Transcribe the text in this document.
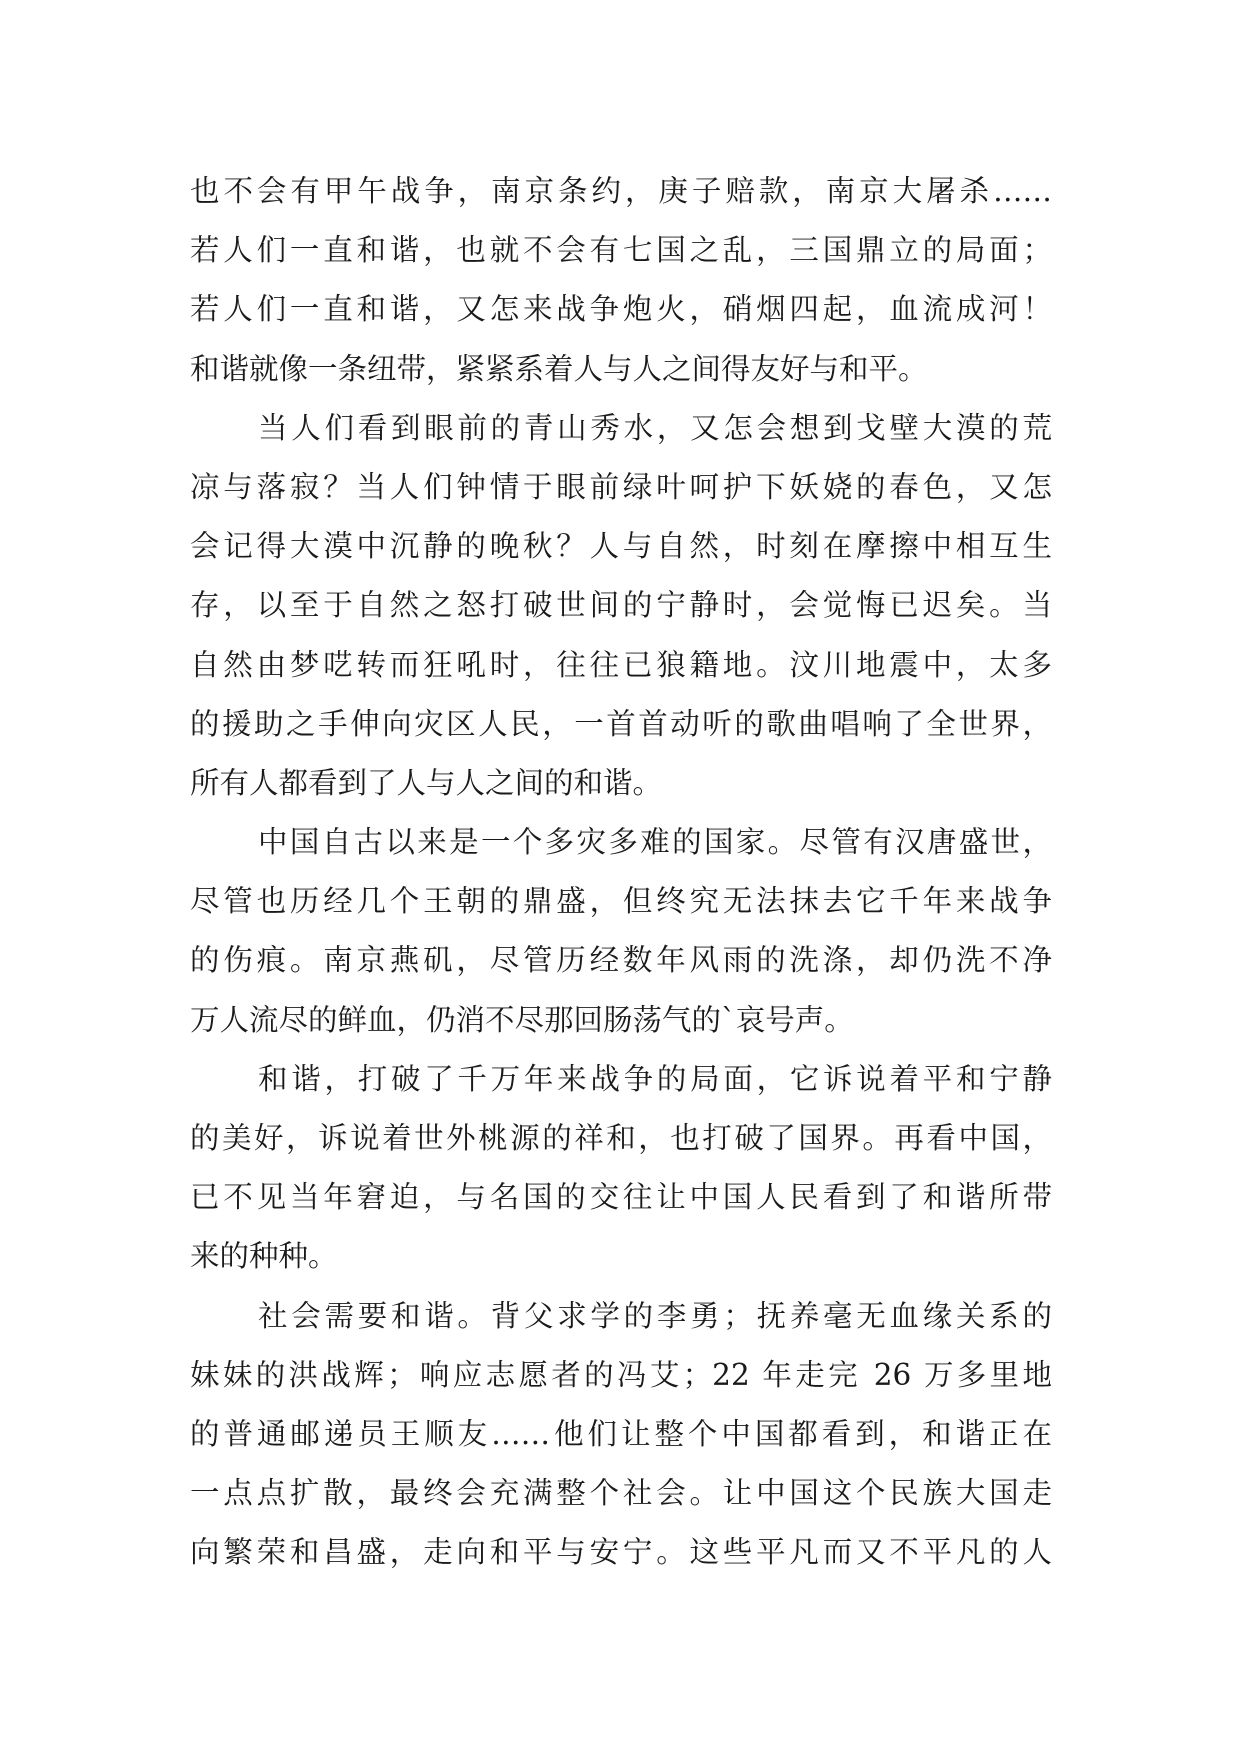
也不会有甲午战争，南京条约，庚子赔款，南京大屠杀……
若人们一直和谐，也就不会有七国之乱，三国鼎立的局面；
若人们一直和谐，又怎来战争炮火，硝烟四起，血流成河！
和谐就像一条纽带，紧紧系着人与人之间得友好与和平。
当人们看到眼前的青山秀水，又怎会想到戈壁大漠的荒
凉与落寂？当人们钟情于眼前绿叶呵护下妖娆的春色，又怎
会记得大漠中沉静的晚秋？人与自然，时刻在摩擦中相互生
存，以至于自然之怒打破世间的宁静时，会觉悔已迟矣。当
自然由梦呓转而狂吼时，往往已狼籍地。汶川地震中，太多
的援助之手伸向灾区人民，一首首动听的歌曲唱响了全世界，
所有人都看到了人与人之间的和谐。
中国自古以来是一个多灾多难的国家。尽管有汉唐盛世，
尽管也历经几个王朝的鼎盛，但终究无法抹去它千年来战争
的伤痕。南京燕矶，尽管历经数年风雨的洗涤，却仍洗不净
万人流尽的鲜血，仍消不尽那回肠荡气的`哀号声。
和谐，打破了千万年来战争的局面，它诉说着平和宁静
的美好，诉说着世外桃源的祥和，也打破了国界。再看中国，
已不见当年窘迫，与名国的交往让中国人民看到了和谐所带
来的种种。
社会需要和谐。背父求学的李勇；抚养毫无血缘关系的
妹妹的洪战辉；响应志愿者的冯艾；22 年走完 26 万多里地
的普通邮递员王顺友……他们让整个中国都看到，和谐正在
一点点扩散，最终会充满整个社会。让中国这个民族大国走
向繁荣和昌盛，走向和平与安宁。这些平凡而又不平凡的人
